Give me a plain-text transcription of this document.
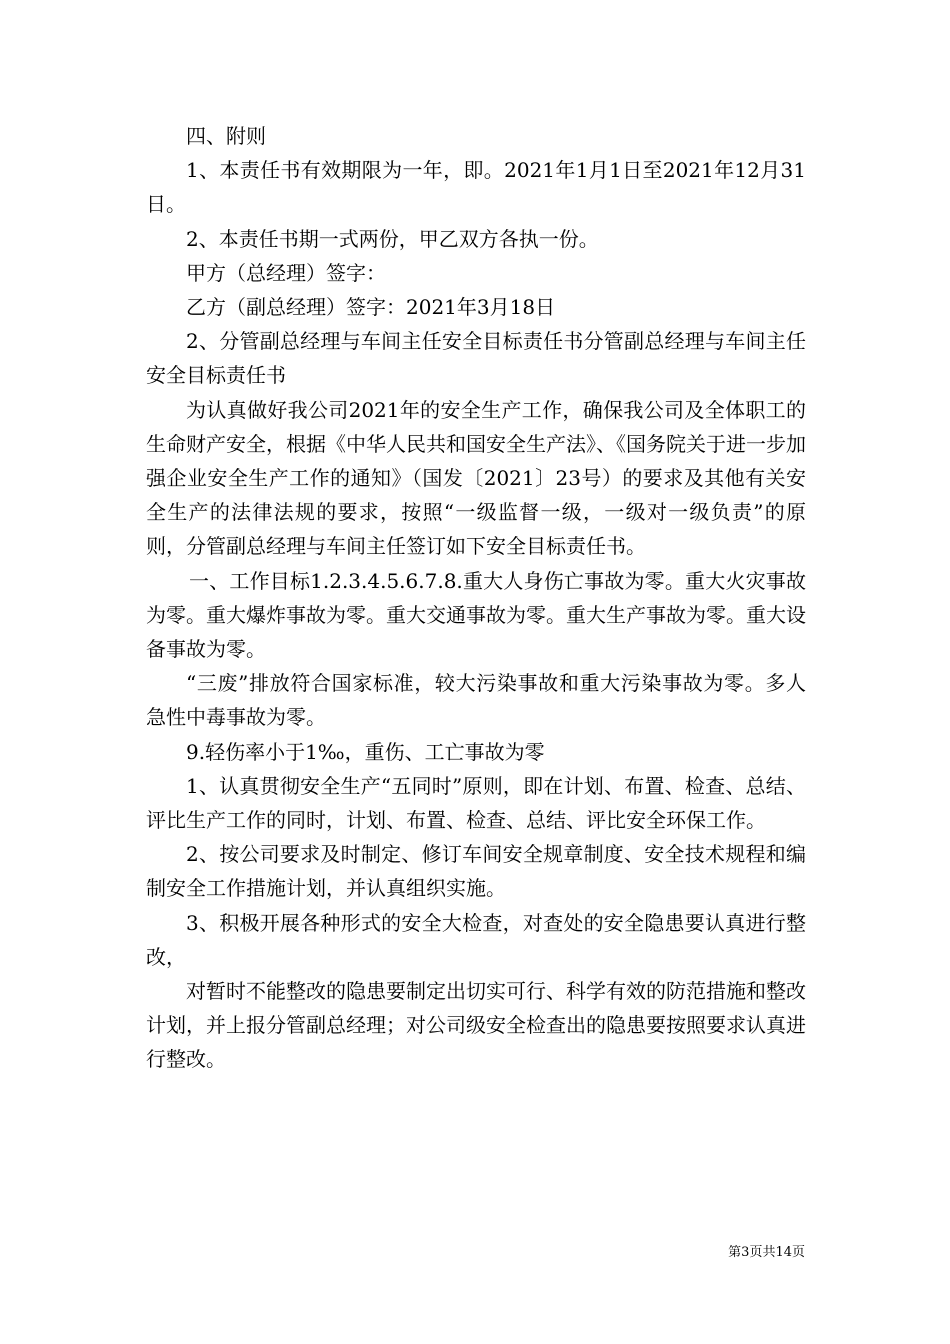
四、附则

1、本责任书有效期限为一年，即。2021年1月1日至2021年12月31日。

2、本责任书期一式两份，甲乙双方各执一份。

甲方（总经理）签字：

乙方（副总经理）签字：2021年3月18日

2、分管副总经理与车间主任安全目标责任书分管副总经理与车间主任安全目标责任书

为认真做好我公司2021年的安全生产工作，确保我公司及全体职工的生命财产安全，根据《中华人民共和国安全生产法》、《国务院关于进一步加强企业安全生产工作的通知》（国发〔2021〕23号）的要求及其他有关安全生产的法律法规的要求，按照“一级监督一级，一级对一级负责”的原则，分管副总经理与车间主任签订如下安全目标责任书。

一、工作目标1.2.3.4.5.6.7.8.重大人身伤亡事故为零。重大火灾事故为零。重大爆炸事故为零。重大交通事故为零。重大生产事故为零。重大设备事故为零。

“三废”排放符合国家标准，较大污染事故和重大污染事故为零。多人急性中毒事故为零。

9.轻伤率小于1‰，重伤、工亡事故为零

1、认真贯彻安全生产“五同时”原则，即在计划、布置、检查、总结、评比生产工作的同时，计划、布置、检查、总结、评比安全环保工作。

2、按公司要求及时制定、修订车间安全规章制度、安全技术规程和编制安全工作措施计划，并认真组织实施。

3、积极开展各种形式的安全大检查，对查处的安全隐患要认真进行整改，

对暂时不能整改的隐患要制定出切实可行、科学有效的防范措施和整改计划，并上报分管副总经理；对公司级安全检查出的隐患要按照要求认真进行整改。

第3页共14页
